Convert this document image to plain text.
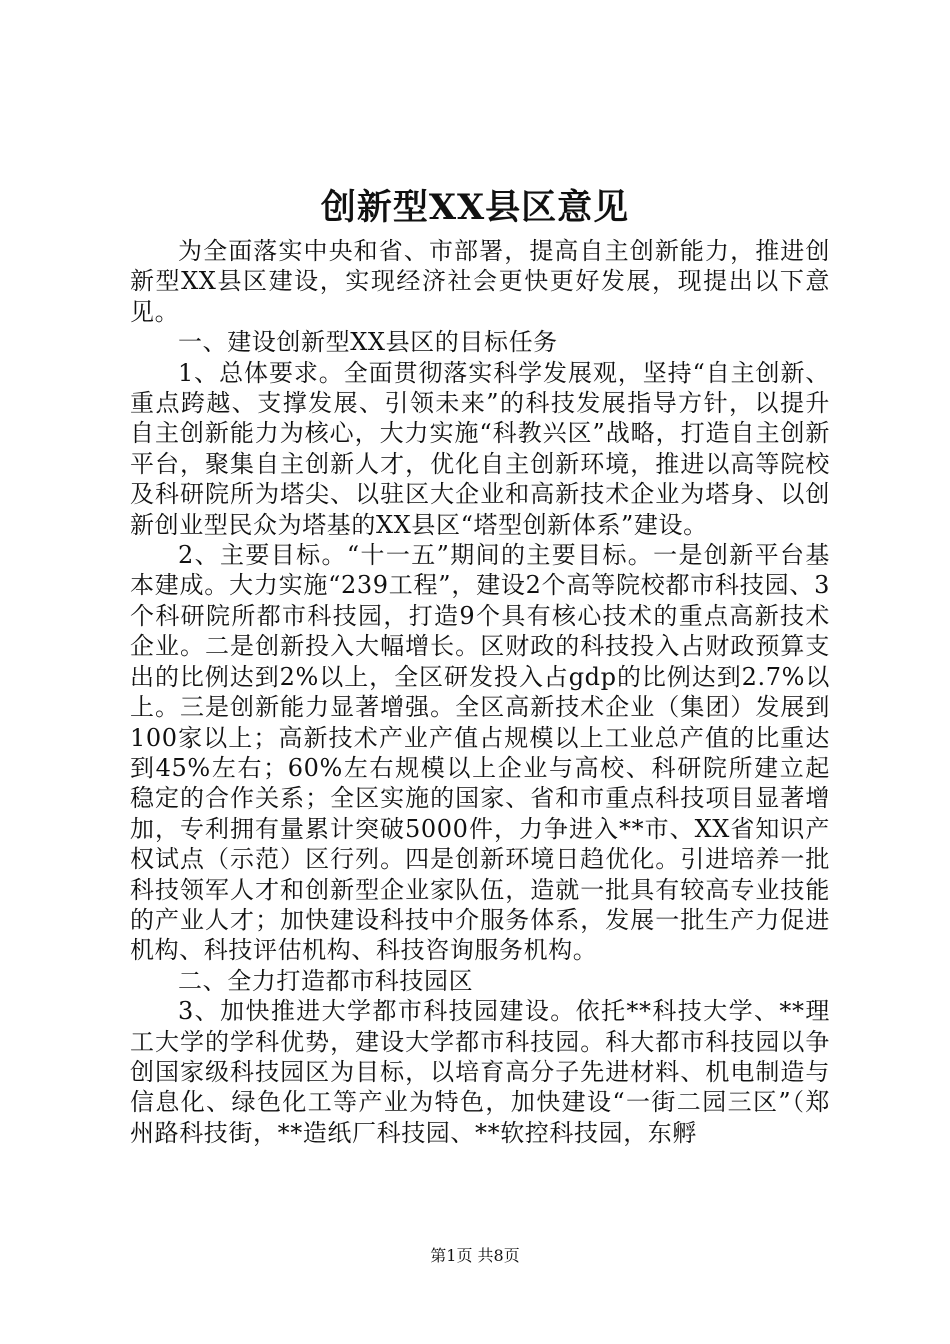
创新型XX县区意见

为全面落实中央和省、市部署，提高自主创新能力，推进创新型XX县区建设，实现经济社会更快更好发展，现提出以下意见。

一、建设创新型XX县区的目标任务

1、总体要求。全面贯彻落实科学发展观，坚持“自主创新、重点跨越、支撑发展、引领未来”的科技发展指导方针，以提升自主创新能力为核心，大力实施“科教兴区”战略，打造自主创新平台，聚集自主创新人才，优化自主创新环境，推进以高等院校及科研院所为塔尖、以驻区大企业和高新技术企业为塔身、以创新创业型民众为塔基的XX县区“塔型创新体系”建设。

2、主要目标。“十一五”期间的主要目标。一是创新平台基本建成。大力实施“239工程”，建设2个高等院校都市科技园、3个科研院所都市科技园，打造9个具有核心技术的重点高新技术企业。二是创新投入大幅增长。区财政的科技投入占财政预算支出的比例达到2%以上，全区研发投入占gdp的比例达到2.7%以上。三是创新能力显著增强。全区高新技术企业（集团）发展到100家以上；高新技术产业产值占规模以上工业总产值的比重达到45%左右；60%左右规模以上企业与高校、科研院所建立起稳定的合作关系；全区实施的国家、省和市重点科技项目显著增加，专利拥有量累计突破5000件，力争进入**市、XX省知识产权试点（示范）区行列。四是创新环境日趋优化。引进培养一批科技领军人才和创新型企业家队伍，造就一批具有较高专业技能的产业人才；加快建设科技中介服务体系，发展一批生产力促进机构、科技评估机构、科技咨询服务机构。

二、全力打造都市科技园区

3、加快推进大学都市科技园建设。依托**科技大学、**理工大学的学科优势，建设大学都市科技园。科大都市科技园以争创国家级科技园区为目标，以培育高分子先进材料、机电制造与信息化、绿色化工等产业为特色，加快建设“一街二园三区”（郑州路科技街，**造纸厂科技园、**软控科技园，东孵

第1页 共8页
